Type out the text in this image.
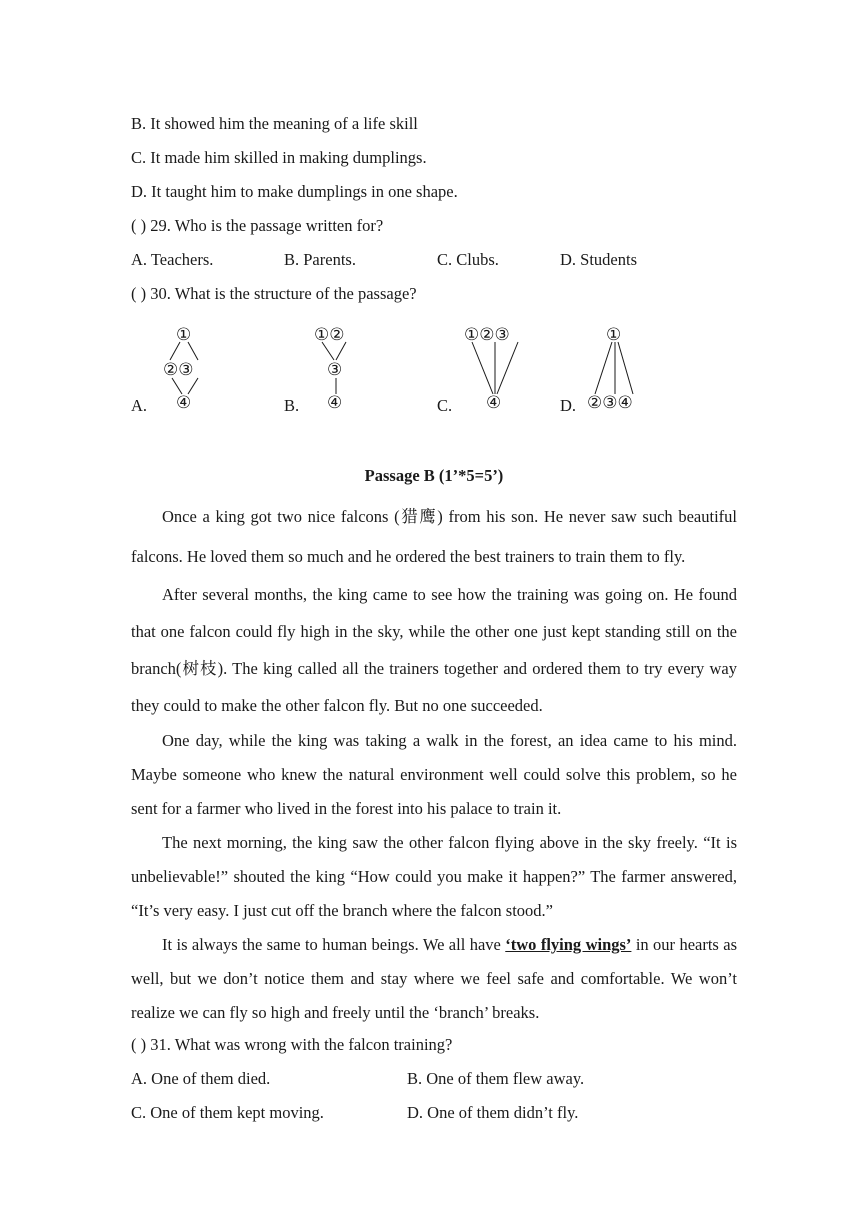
B. It showed him the meaning of a life skill
C. It made him skilled in making dumplings.
D. It taught him to make dumplings in one shape.
( ) 29. Who is the passage written for?
A. Teachers.	B. Parents.	C. Clubs.	D. Students
( ) 30. What is the structure of the passage?
A.	B.	C.	D.
①
②③
④
①②
③
④
①②③
④
①
②③④
Passage B (1’*5=5’)
Once a king got two nice falcons (猎鹰) from his son. He never saw such beautiful falcons. He loved them so much and he ordered the best trainers to train them to fly.
After several months, the king came to see how the training was going on. He found that one falcon could fly high in the sky, while the other one just kept standing still on the branch(树枝). The king called all the trainers together and ordered them to try every way they could to make the other falcon fly. But no one succeeded.
One day, while the king was taking a walk in the forest, an idea came to his mind. Maybe someone who knew the natural environment well could solve this problem, so he sent for a farmer who lived in the forest into his palace to train it.
The next morning, the king saw the other falcon flying above in the sky freely. “It is unbelievable!” shouted the king “How could you make it happen?” The farmer answered, “It’s very easy. I just cut off the branch where the falcon stood.”
It is always the same to human beings. We all have ‘two flying wings’ in our hearts as well, but we don’t notice them and stay where we feel safe and comfortable. We won’t realize we can fly so high and freely until the ‘branch’ breaks.
( ) 31. What was wrong with the falcon training?
A. One of them died.	B. One of them flew away.
C. One of them kept moving.	D. One of them didn’t fly.
